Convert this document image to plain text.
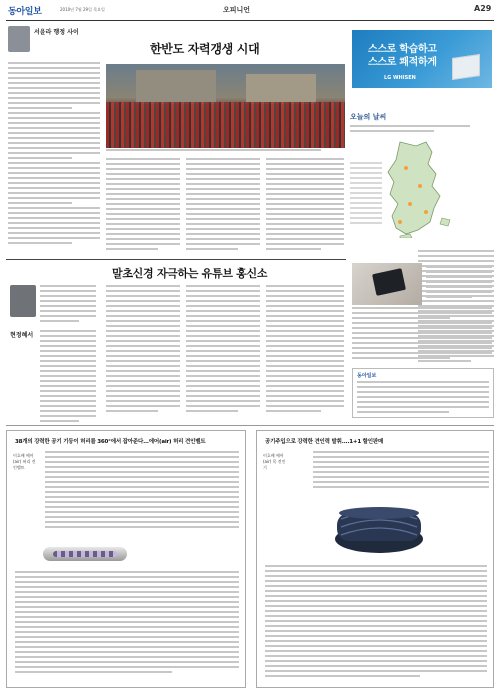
동아일보	2010년 7월 29일 목요일	오피니언	A29
서윤라 행정 사이
한반도 자력갱생 시대	스스로 학습하고
스스로 쾌적하게
LG WHISEN
오늘의 날씨
말초신경 자극하는 유튜브 홍신소
현정혜서
동아일보
38개의 강력한 공기 기둥이 허리를 360°에서 잡아준다...에어(air) 허리 견인벨트
이호배 에어(air) 허리 견인벨트
공기주입으로 강력한 견인력 발휘....1+1 할인판매
이호배 에어(air) 목 견인기
